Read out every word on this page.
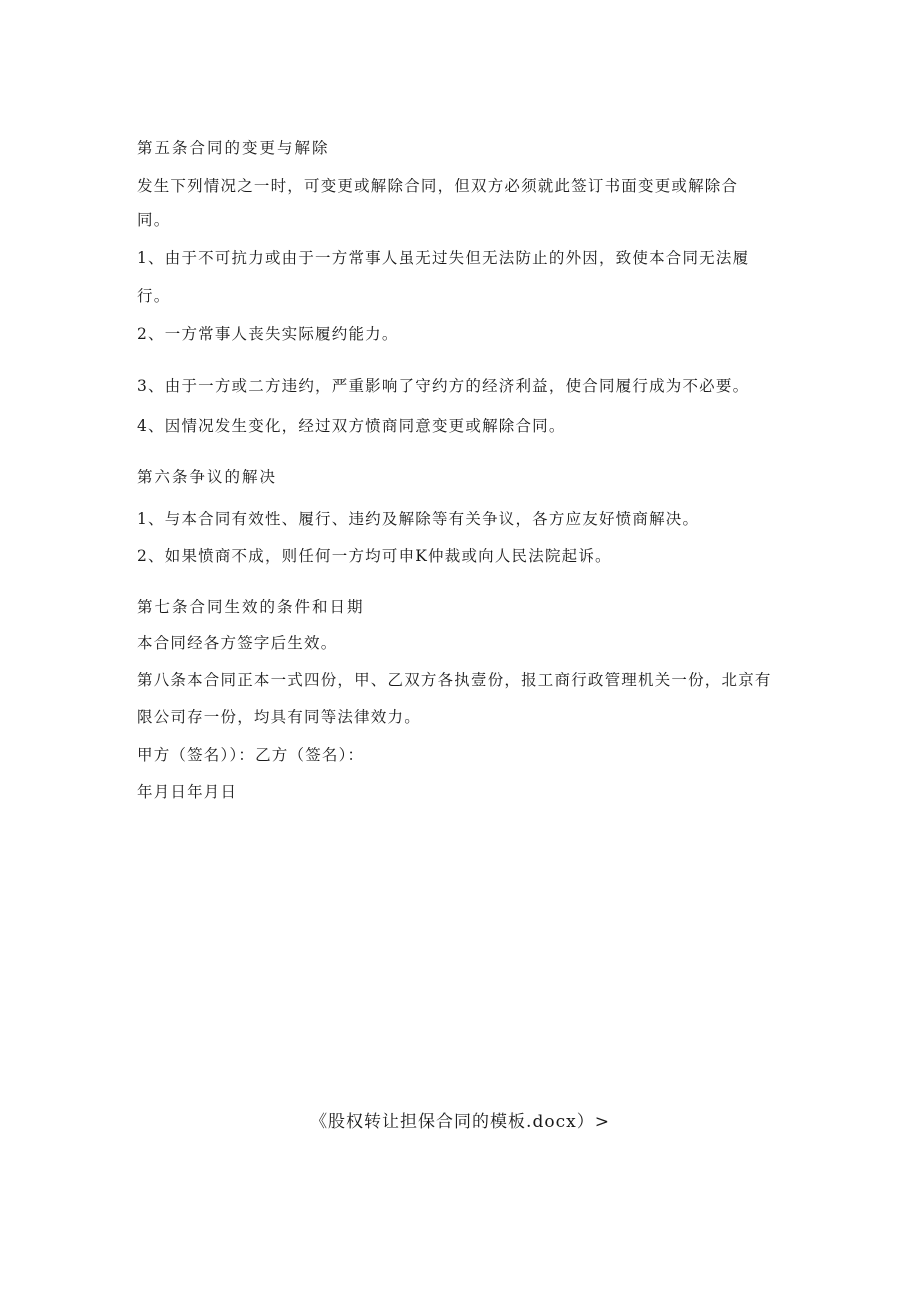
第五条合同的变更与解除
发生下列情况之一时，可变更或解除合同，但双方必须就此签订书面变更或解除合
同。
1、由于不可抗力或由于一方常事人虽无过失但无法防止的外因，致使本合同无法履
行。
2、一方常事人丧失实际履约能力。
3、由于一方或二方违约，严重影响了守约方的经济利益，使合同履行成为不必要。
4、因情况发生变化，经过双方愤商同意变更或解除合同。
第六条争议的解决
1、与本合同有效性、履行、违约及解除等有关争议，各方应友好愤商解决。
2、如果愤商不成，则任何一方均可申K仲裁或向人民法院起诉。
第七条合同生效的条件和日期
本合同经各方签字后生效。
第八条本合同正本一式四份，甲、乙双方各执壹份，报工商行政管理机关一份，北京有
限公司存一份，均具有同等法律效力。
甲方（签名））：乙方（签名）：
年月日年月日
《股权转让担保合同的模板.docx）>
